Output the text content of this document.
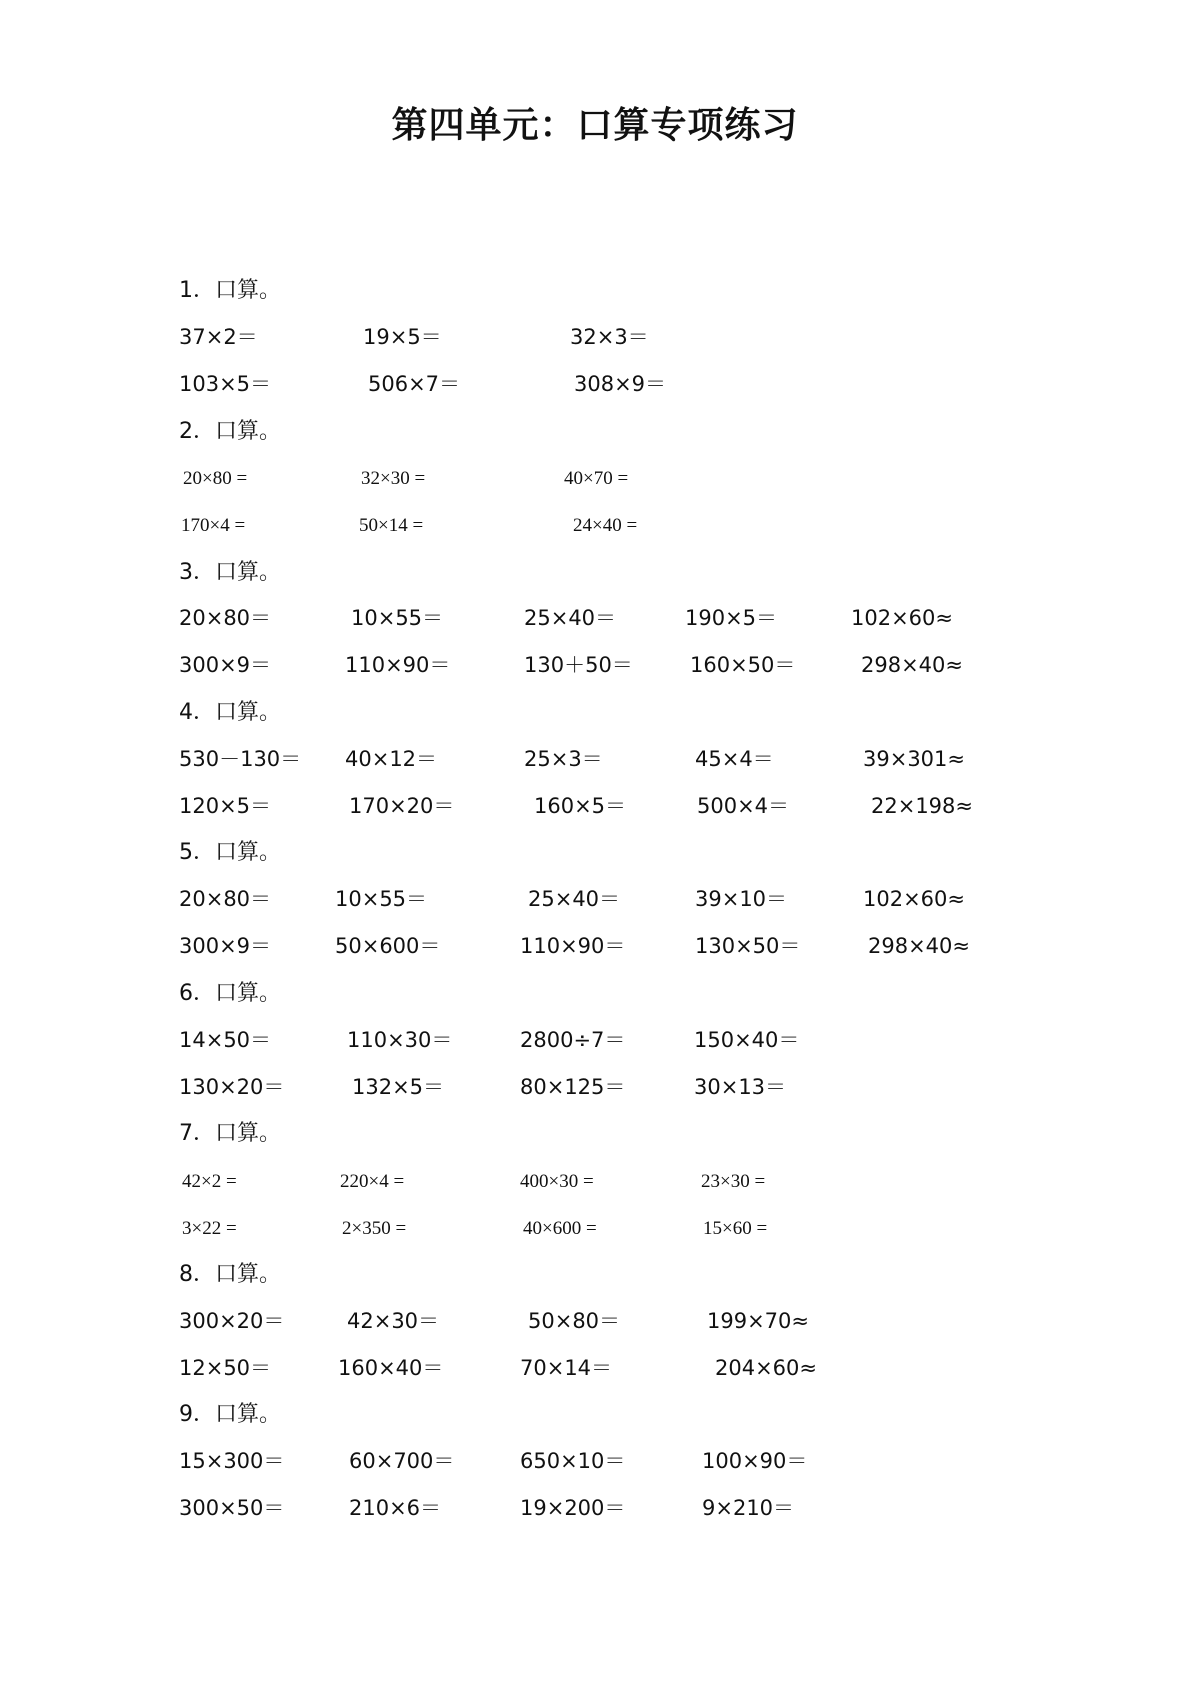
第四单元：口算专项练习
1．口算。
37×2＝	19×5＝	32×3＝
103×5＝	506×7＝	308×9＝
2．口算。
20×80 =	32×30 =	40×70 =
170×4 =	50×14 =	24×40 =
3．口算。
20×80＝	10×55＝	25×40＝	190×5＝	102×60≈
300×9＝	110×90＝	130＋50＝	160×50＝	298×40≈
4．口算。
530－130＝ 40×12＝	25×3＝	45×4＝	39×301≈
120×5＝	170×20＝	160×5＝	500×4＝	22×198≈
5．口算。
20×80＝	10×55＝	25×40＝	39×10＝	102×60≈
300×9＝	50×600＝	110×90＝	130×50＝	298×40≈
6．口算。
14×50＝	110×30＝	2800÷7＝	150×40＝
130×20＝	132×5＝	80×125＝	30×13＝
7．口算。
42×2 =	220×4 =	400×30 =	23×30 =
3×22 =	2×350 =	40×600 =	15×60 =
8．口算。
300×20＝	42×30＝	50×80＝	199×70≈
12×50＝	160×40＝	70×14＝	204×60≈
9．口算。
15×300＝	60×700＝	650×10＝	100×90＝
300×50＝	210×6＝	19×200＝	9×210＝
